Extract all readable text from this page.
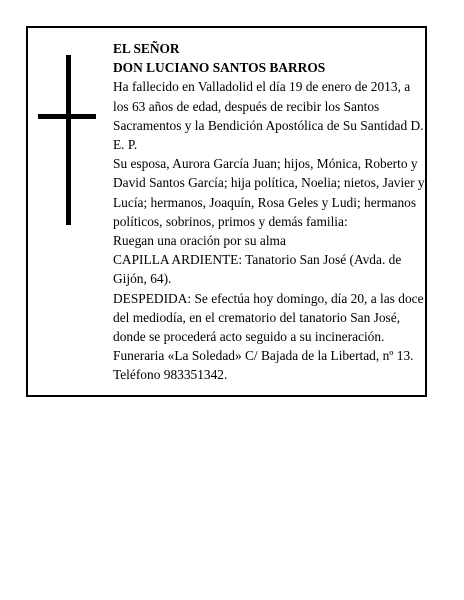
EL SEÑOR

DON LUCIANO SANTOS BARROS

Ha fallecido en Valladolid el día 19 de enero de 2013, a los 63 años de edad, después de recibir los Santos Sacramentos y la Bendición Apostólica de Su Santidad D. E. P.

Su esposa, Aurora García Juan; hijos, Mónica, Roberto y David Santos García; hija política, Noelia; nietos, Javier y Lucía; hermanos, Joaquín, Rosa Geles y Ludi; hermanos políticos, sobrinos, primos y demás familia:

Ruegan una oración por su alma

CAPILLA ARDIENTE: Tanatorio San José (Avda. de Gijón, 64).

DESPEDIDA: Se efectúa hoy domingo, día 20, a las doce del mediodía, en el crematorio del tanatorio San José, donde se procederá acto seguido a su incineración.

Funeraria «La Soledad» C/ Bajada de la Libertad, nº 13. Teléfono 983351342.
